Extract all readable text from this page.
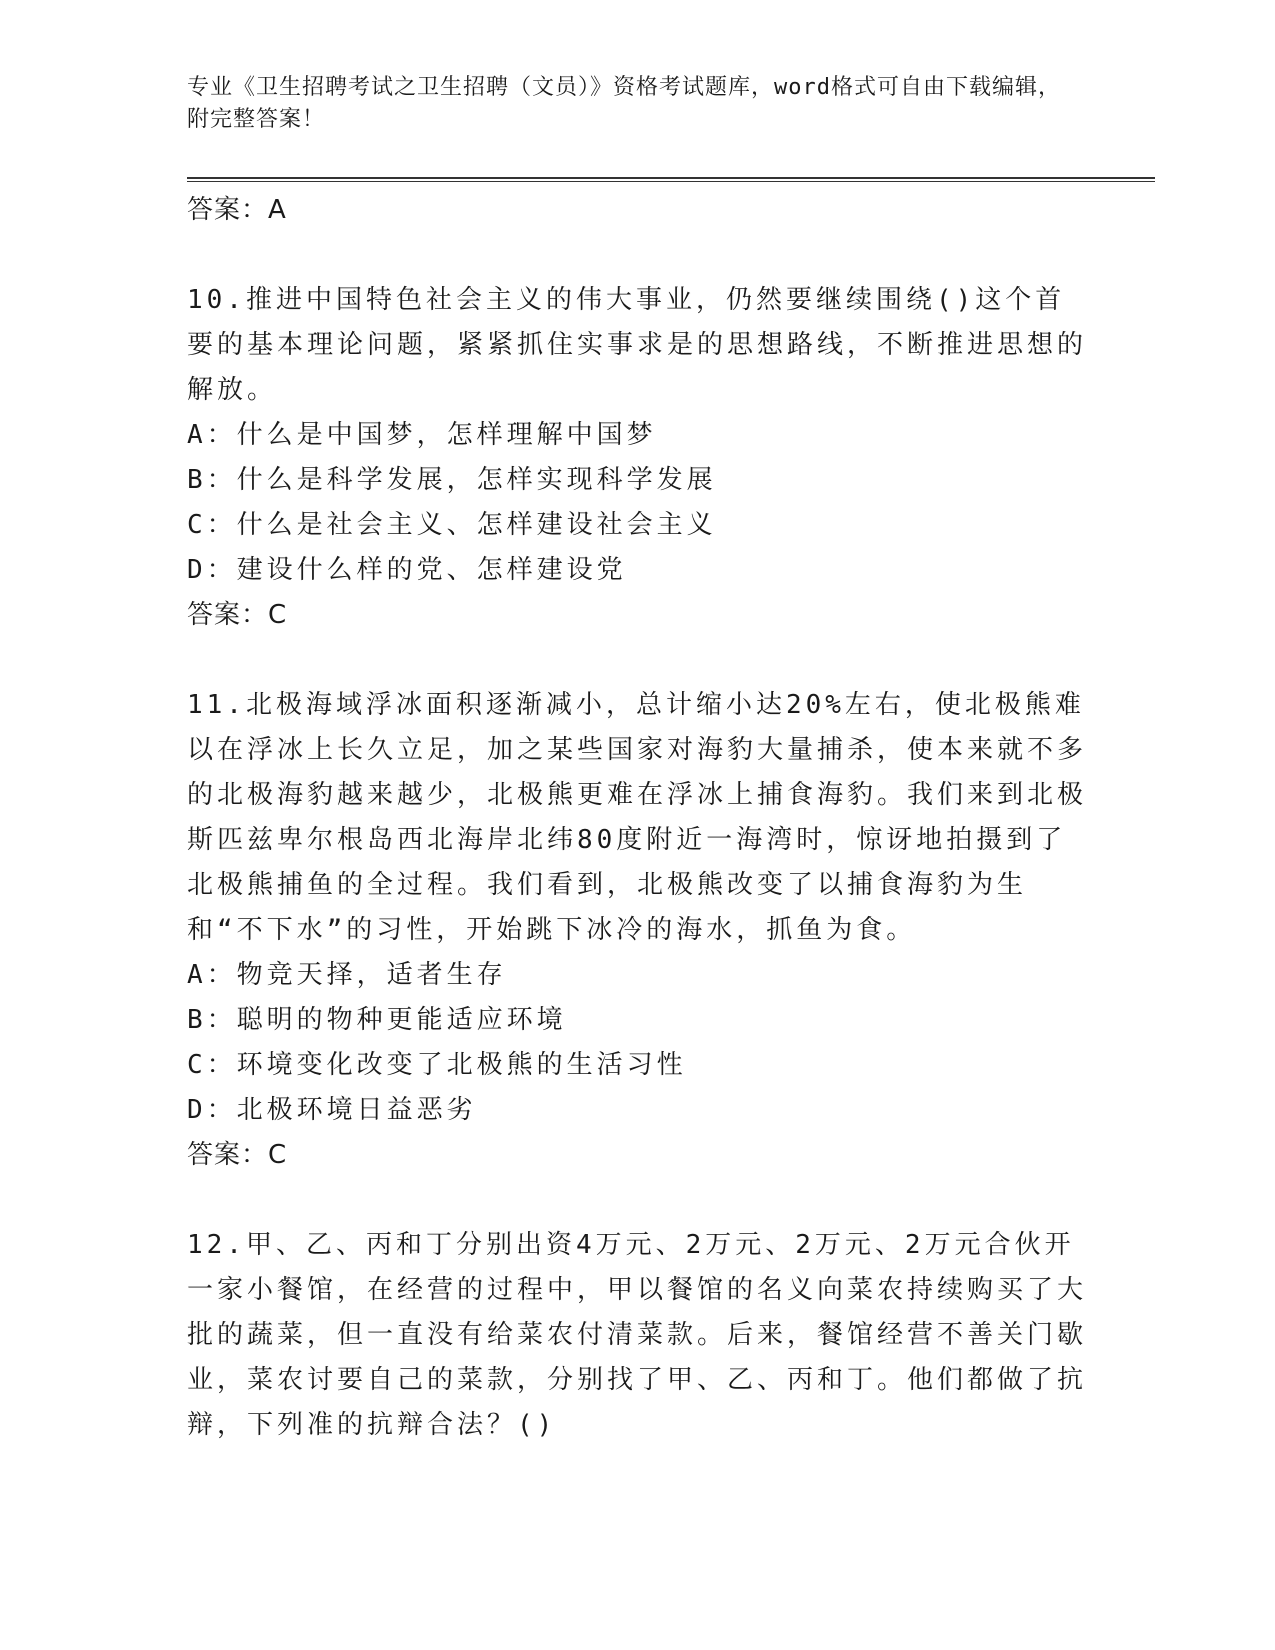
专业《卫生招聘考试之卫生招聘（文员）》资格考试题库，word格式可自由下载编辑，附完整答案！

答案：A

10.推进中国特色社会主义的伟大事业，仍然要继续围绕()这个首要的基本理论问题，紧紧抓住实事求是的思想路线，不断推进思想的解放。

A：什么是中国梦，怎样理解中国梦

B：什么是科学发展，怎样实现科学发展

C：什么是社会主义、怎样建设社会主义

D：建设什么样的党、怎样建设党

答案：C

11.北极海域浮冰面积逐渐减小，总计缩小达20%左右，使北极熊难以在浮冰上长久立足，加之某些国家对海豹大量捕杀，使本来就不多的北极海豹越来越少，北极熊更难在浮冰上捕食海豹。我们来到北极斯匹兹卑尔根岛西北海岸北纬80度附近一海湾时，惊讶地拍摄到了北极熊捕鱼的全过程。我们看到，北极熊改变了以捕食海豹为生和“不下水”的习性，开始跳下冰冷的海水，抓鱼为食。

A：物竞天择，适者生存

B：聪明的物种更能适应环境

C：环境变化改变了北极熊的生活习性

D：北极环境日益恶劣

答案：C

12.甲、乙、丙和丁分别出资4万元、2万元、2万元、2万元合伙开一家小餐馆，在经营的过程中，甲以餐馆的名义向菜农持续购买了大批的蔬菜，但一直没有给菜农付清菜款。后来，餐馆经营不善关门歇业，菜农讨要自己的菜款，分别找了甲、乙、丙和丁。他们都做了抗辩，下列准的抗辩合法？()
